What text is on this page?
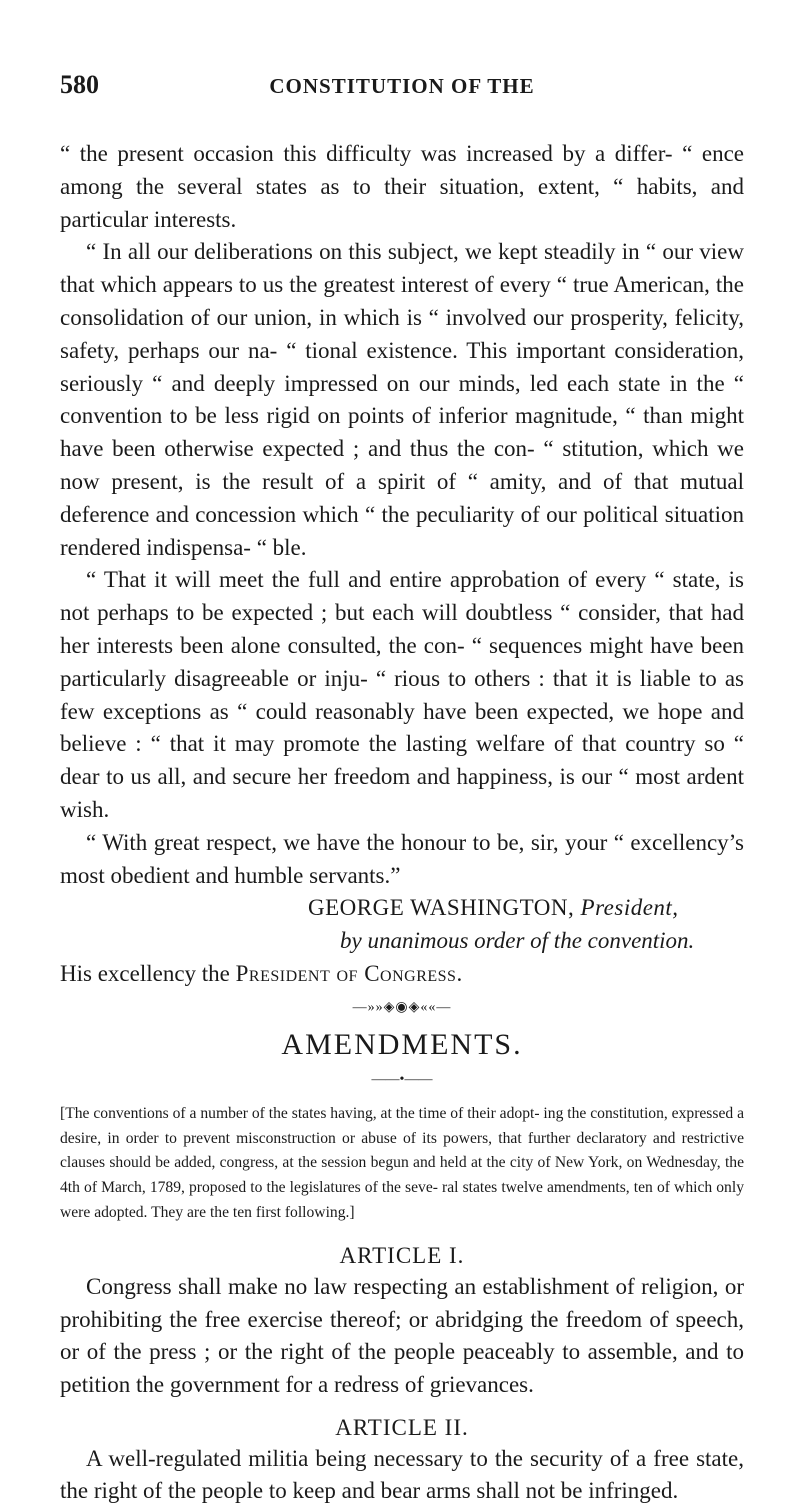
580	CONSTITUTION OF THE

“ the present occasion this difficulty was increased by a differ- “ ence among the several states as to their situation, extent, “ habits, and particular interests.

“ In all our deliberations on this subject, we kept steadily in “ our view that which appears to us the greatest interest of every “ true American, the consolidation of our union, in which is “ involved our prosperity, felicity, safety, perhaps our na- “ tional existence. This important consideration, seriously “ and deeply impressed on our minds, led each state in the “ convention to be less rigid on points of inferior magnitude, “ than might have been otherwise expected ; and thus the con- “ stitution, which we now present, is the result of a spirit of “ amity, and of that mutual deference and concession which “ the peculiarity of our political situation rendered indispensa- “ ble.

“ That it will meet the full and entire approbation of every “ state, is not perhaps to be expected ; but each will doubtless “ consider, that had her interests been alone consulted, the con- “ sequences might have been particularly disagreeable or inju- “ rious to others : that it is liable to as few exceptions as “ could reasonably have been expected, we hope and believe : “ that it may promote the lasting welfare of that country so “ dear to us all, and secure her freedom and happiness, is our “ most ardent wish.

“ With great respect, we have the honour to be, sir, your “ excellency’s most obedient and humble servants.”

GEORGE WASHINGTON, President,
by unanimous order of the convention.
His excellency the President of Congress.
—»»◈◉◈««—
AMENDMENTS.
——•——

[The conventions of a number of the states having, at the time of their adopt- ing the constitution, expressed a desire, in order to prevent misconstruction or abuse of its powers, that further declaratory and restrictive clauses should be added, congress, at the session begun and held at the city of New York, on Wednesday, the 4th of March, 1789, proposed to the legislatures of the seve- ral states twelve amendments, ten of which only were adopted. They are the ten first following.]

ARTICLE I.

Congress shall make no law respecting an establishment of religion, or prohibiting the free exercise thereof; or abridging the freedom of speech, or of the press ; or the right of the people peaceably to assemble, and to petition the government for a redress of grievances.

ARTICLE II.

A well-regulated militia being necessary to the security of a free state, the right of the people to keep and bear arms shall not be infringed.
